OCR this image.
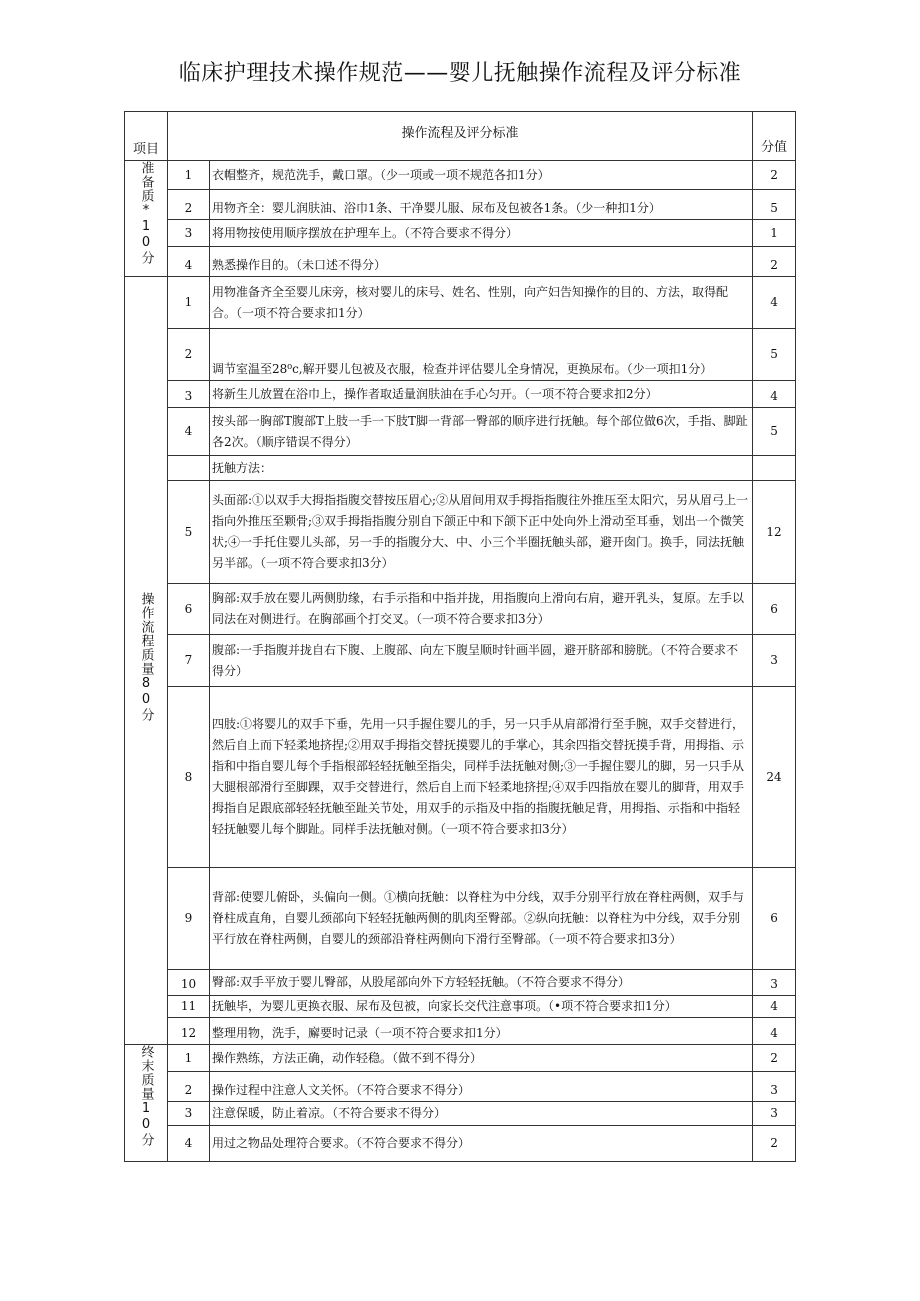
临床护理技术操作规范——婴儿抚触操作流程及评分标准
项目	操作流程及评分标准		分值
准备质*10分	1	衣帽整齐，规范洗手，戴口罩。（少一项或一项不规范各扣1分）	2
	2	用物齐全：婴儿润肤油、浴巾1条、干净婴儿服、尿布及包被各1条。（少一种扣1分）	5
	3	将用物按使用顺序摆放在护理车上。（不符合要求不得分）	1
	4	熟悉操作目的。（未口述不得分）	2
操作流程质量80分	1	用物准备齐全至婴儿床旁，核对婴儿的床号、姓名、性别，向产妇告知操作的目的、方法，取得配合。（一项不符合要求扣1分）	4
	2	调节室温至28⁰c,解开婴儿包被及衣服，检查并评估婴儿全身情况，更换尿布。（少一项扣1分）	5
	3	将新生儿放置在浴巾上，操作者取适量润肤油在手心匀开。（一项不符合要求扣2分）	4
	4	按头部一胸部T腹部T上肢一手一下肢T脚一背部一臀部的顺序进行抚触。每个部位做6次，手指、脚趾各2次。（顺序错误不得分）	5
		抚触方法：	
	5	头面部:①以双手大拇指指腹交替按压眉心;②从眉间用双手拇指指腹往外推压至太阳穴，另从眉弓上一指向外推压至颗骨;③双手拇指指腹分别自下颌正中和下颌下正中处向外上滑动至耳垂，划出一个微笑状;④一手托住婴儿头部，另一手的指腹分大、中、小三个半圈抚触头部，避开囱门。换手，同法抚触另半部。（一项不符合要求扣3分）	12
	6	胸部:双手放在婴儿两侧肋缘，右手示指和中指并拢，用指腹向上滑向右肩，避开乳头，复原。左手以同法在对侧进行。在胸部画个打交叉。（一项不符合要求扣3分）	6
	7	腹部:一手指腹并拢自右下腹、上腹部、向左下腹呈顺时针画半圆，避开脐部和膀胱。（不符合要求不得分）	3
	8	四肢:①将婴儿的双手下垂，先用一只手握住婴儿的手，另一只手从肩部滑行至手腕，双手交替进行，然后自上而下轻柔地挤捏;②用双手拇指交替抚摸婴儿的手掌心，其余四指交替抚摸手背，用拇指、示指和中指自婴儿每个手指根部轻轻抚触至指尖，同样手法抚触对侧;③一手握住婴儿的脚，另一只手从大腿根部滑行至脚踝，双手交替进行，然后自上而下轻柔地挤捏;④双手四指放在婴儿的脚背，用双手拇指自足跟底部轻轻抚触至趾关节处，用双手的示指及中指的指腹抚触足背，用拇指、示指和中指轻轻抚触婴儿每个脚趾。同样手法抚触对侧。（一项不符合要求扣3分）	24
	9	背部:使婴儿俯卧，头偏向一侧。①横向抚触：以脊柱为中分线，双手分别平行放在脊柱两侧，双手与脊柱成直角，自婴儿颈部向下轻轻抚触两侧的肌肉至臀部。②纵向抚触：以脊柱为中分线，双手分别平行放在脊柱两侧，自婴儿的颈部沿脊柱两侧向下滑行至臀部。（一项不符合要求扣3分）	6
	10	臀部:双手平放于婴儿臀部，从股尾部向外下方轻轻抚触。（不符合要求不得分）	3
	11	抚触毕，为婴儿更换衣服、尿布及包被，向家长交代注意事项。（•项不符合要求扣1分）	4
	12	整理用物，洗手，廨要时记录（一项不符合要求扣1分）	4
终末质量10分	1	操作熟练，方法正确，动作轻稳。（做不到不得分）	2
	2	操作过程中注意人文关怀。（不符合要求不得分）	3
	3	注意保暖，防止着凉。（不符合要求不得分）	3
	4	用过之物品处理符合要求。（不符合要求不得分）	2
